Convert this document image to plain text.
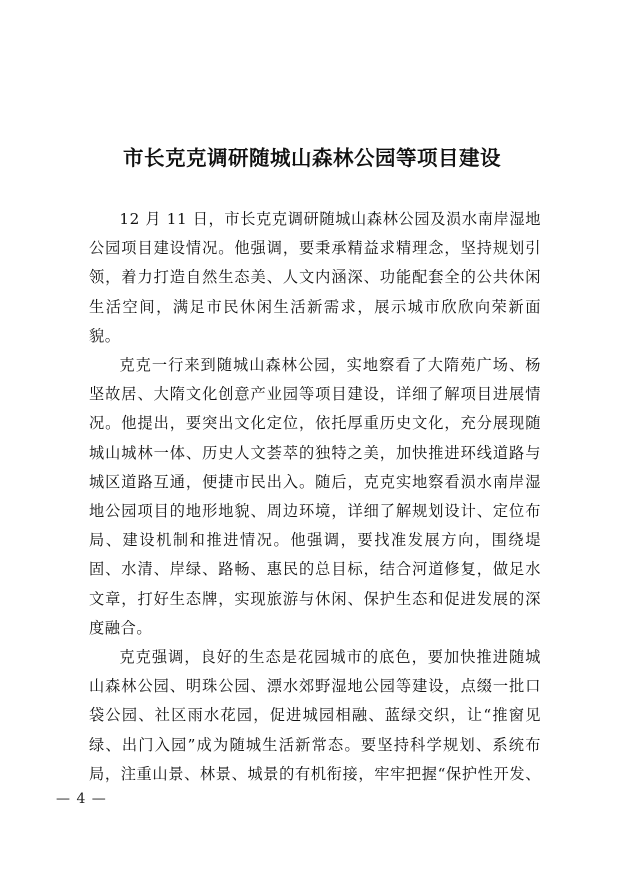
市长克克调研随城山森林公园等项目建设

12 月 11 日，市长克克调研随城山森林公园及涢水南岸湿地公园项目建设情况。他强调，要秉承精益求精理念，坚持规划引领，着力打造自然生态美、人文内涵深、功能配套全的公共休闲生活空间，满足市民休闲生活新需求，展示城市欣欣向荣新面貌。

克克一行来到随城山森林公园，实地察看了大隋苑广场、杨坚故居、大隋文化创意产业园等项目建设，详细了解项目进展情况。他提出，要突出文化定位，依托厚重历史文化，充分展现随城山城林一体、历史人文荟萃的独特之美，加快推进环线道路与城区道路互通，便捷市民出入。随后，克克实地察看涢水南岸湿地公园项目的地形地貌、周边环境，详细了解规划设计、定位布局、建设机制和推进情况。他强调，要找准发展方向，围绕堤固、水清、岸绿、路畅、惠民的总目标，结合河道修复，做足水文章，打好生态牌，实现旅游与休闲、保护生态和促进发展的深度融合。

克克强调，良好的生态是花园城市的底色，要加快推进随城山森林公园、明珠公园、漂水郊野湿地公园等建设，点缀一批口袋公园、社区雨水花园，促进城园相融、蓝绿交织，让“推窗见绿、出门入园”成为随城生活新常态。要坚持科学规划、系统布局，注重山景、林景、城景的有机衔接，牢牢把握“保护性开发、

— 4 —
